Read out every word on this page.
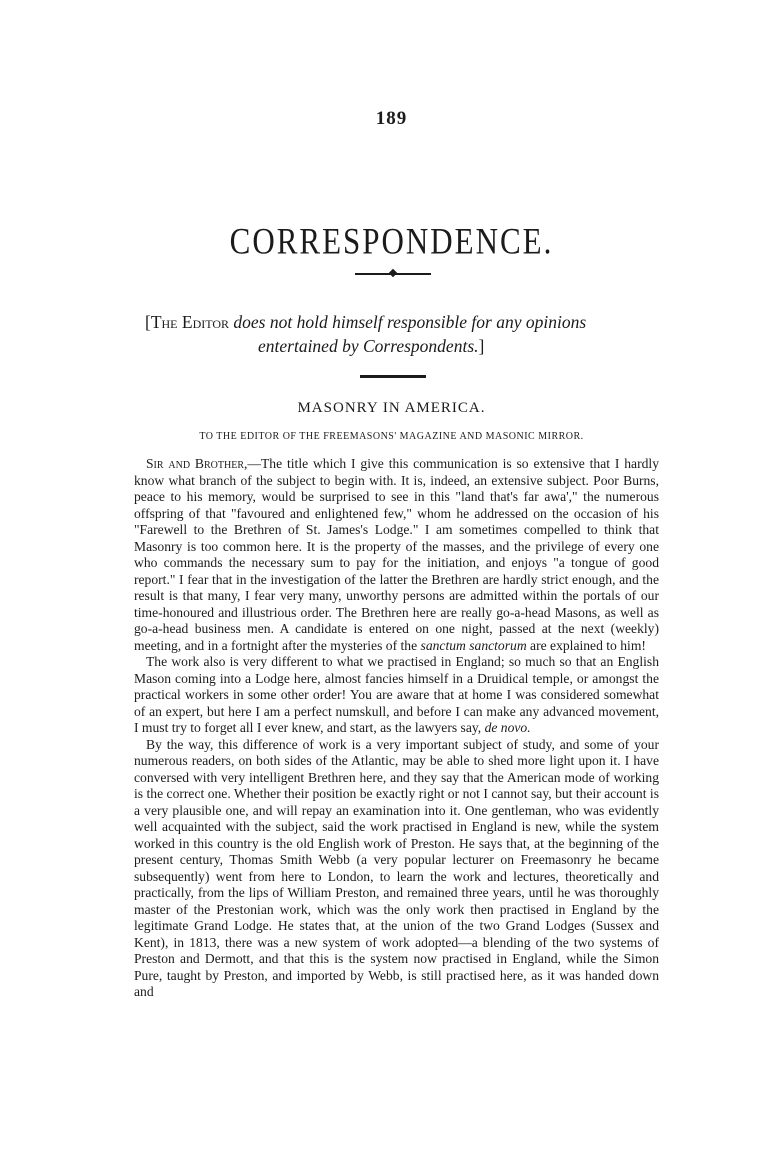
189
CORRESPONDENCE.
[The Editor does not hold himself responsible for any opinions
entertained by Correspondents.]
MASONRY IN AMERICA.
TO THE EDITOR OF THE FREEMASONS' MAGAZINE AND MASONIC MIRROR.

Sir and Brother,—The title which I give this communication is so extensive that I hardly know what branch of the subject to begin with. It is, indeed, an extensive subject. Poor Burns, peace to his memory, would be surprised to see in this "land that's far awa'," the numerous offspring of that "favoured and enlightened few," whom he addressed on the occasion of his "Farewell to the Brethren of St. James's Lodge." I am sometimes compelled to think that Masonry is too common here. It is the property of the masses, and the privilege of every one who commands the necessary sum to pay for the initiation, and enjoys "a tongue of good report." I fear that in the investigation of the latter the Brethren are hardly strict enough, and the result is that many, I fear very many, unworthy persons are admitted within the portals of our time-honoured and illustrious order. The Brethren here are really go-a-head Masons, as well as go-a-head business men. A candidate is entered on one night, passed at the next (weekly) meeting, and in a fortnight after the mysteries of the sanctum sanctorum are explained to him!

The work also is very different to what we practised in England; so much so that an English Mason coming into a Lodge here, almost fancies himself in a Druidical temple, or amongst the practical workers in some other order! You are aware that at home I was considered somewhat of an expert, but here I am a perfect numskull, and before I can make any advanced movement, I must try to forget all I ever knew, and start, as the lawyers say, de novo.

By the way, this difference of work is a very important subject of study, and some of your numerous readers, on both sides of the Atlantic, may be able to shed more light upon it. I have conversed with very intelligent Brethren here, and they say that the American mode of working is the correct one. Whether their position be exactly right or not I cannot say, but their account is a very plausible one, and will repay an examination into it. One gentleman, who was evidently well acquainted with the subject, said the work practised in England is new, while the system worked in this country is the old English work of Preston. He says that, at the beginning of the present century, Thomas Smith Webb (a very popular lecturer on Freemasonry he became subsequently) went from here to London, to learn the work and lectures, theoretically and practically, from the lips of William Preston, and remained three years, until he was thoroughly master of the Prestonian work, which was the only work then practised in England by the legitimate Grand Lodge. He states that, at the union of the two Grand Lodges (Sussex and Kent), in 1813, there was a new system of work adopted—a blending of the two systems of Preston and Dermott, and that this is the system now practised in England, while the Simon Pure, taught by Preston, and imported by Webb, is still practised here, as it was handed down and
